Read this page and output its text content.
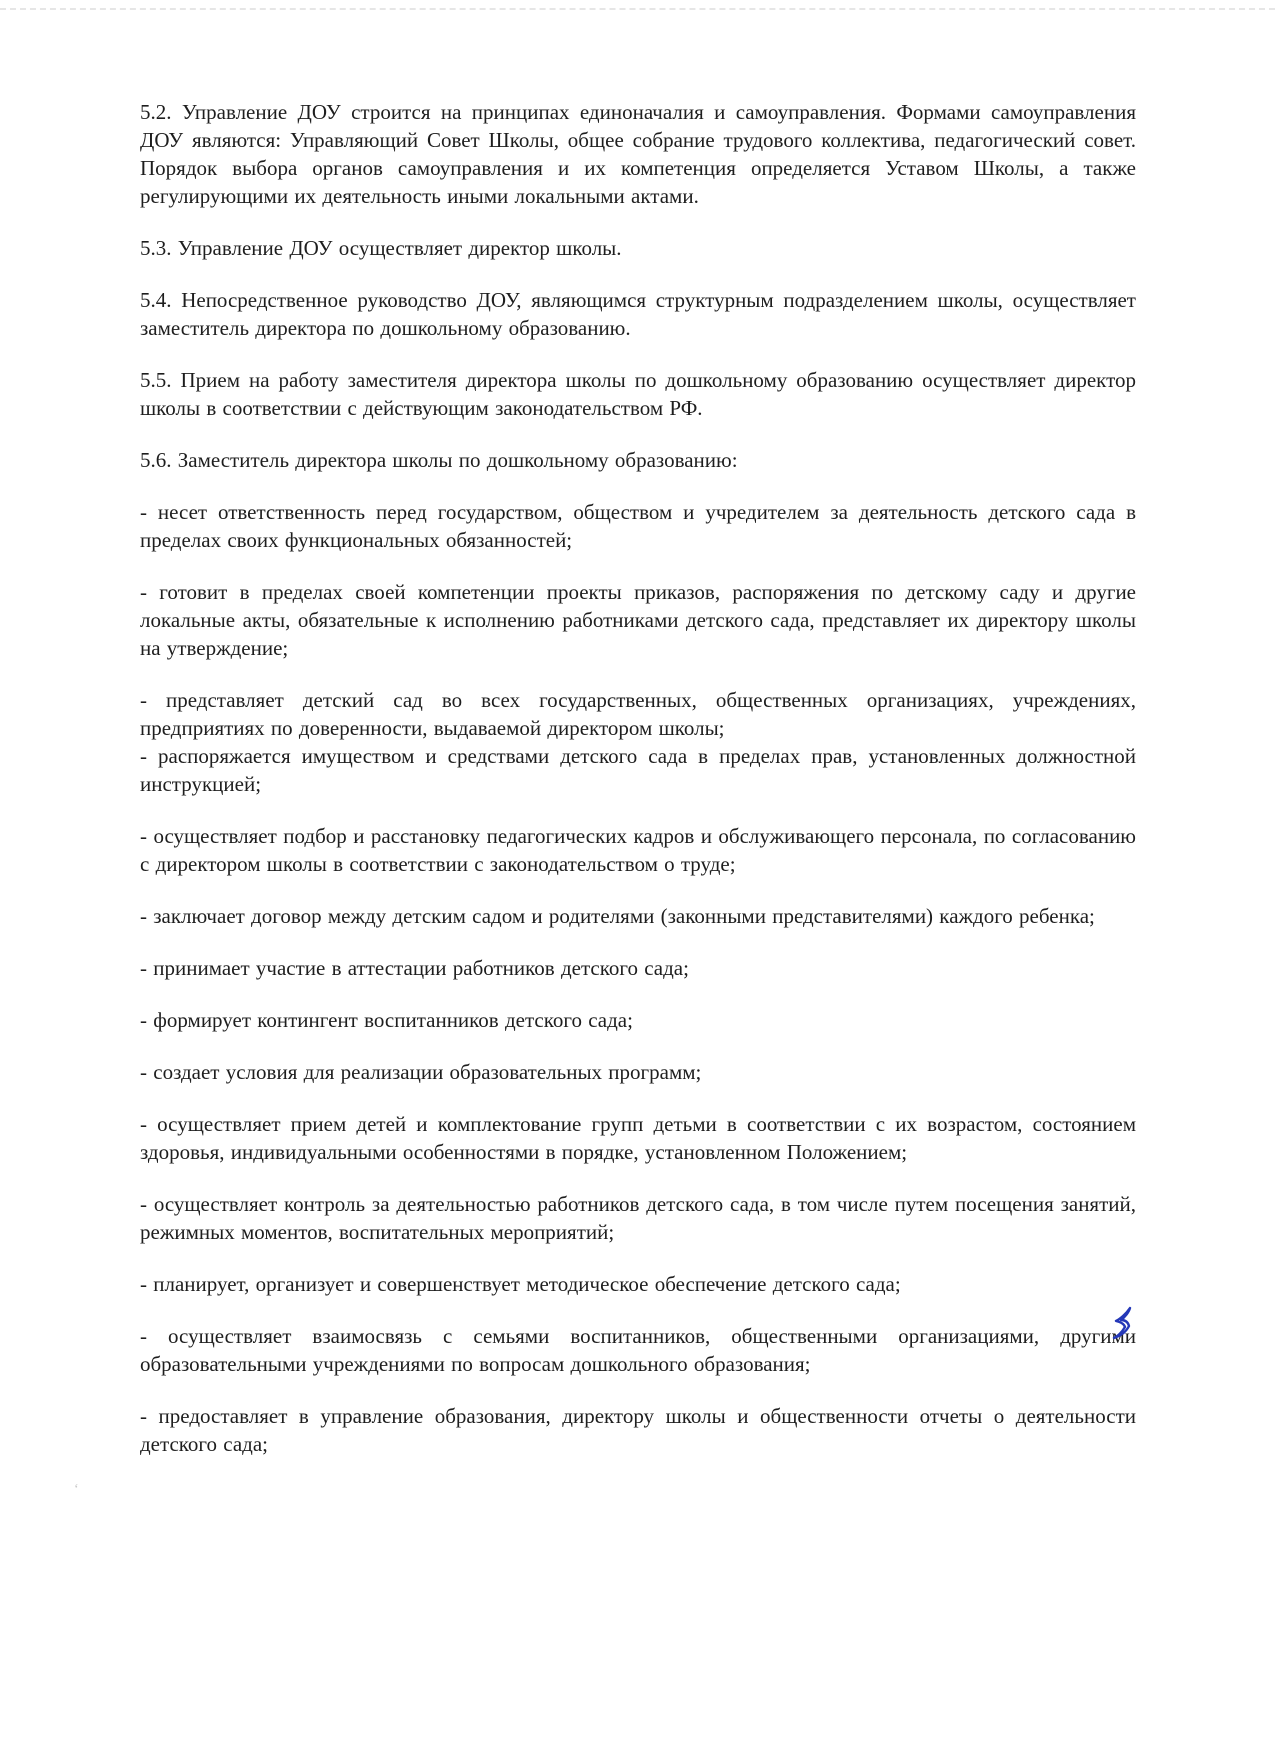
5.2. Управление ДОУ строится на принципах единоначалия и самоуправления. Формами самоуправления ДОУ являются: Управляющий Совет Школы, общее собрание трудового коллектива, педагогический совет. Порядок выбора органов самоуправления и их компетенция определяется Уставом Школы, а также регулирующими их деятельность иными локальными актами.

5.3. Управление ДОУ осуществляет директор школы.

5.4. Непосредственное руководство ДОУ, являющимся структурным подразделением школы, осуществляет заместитель директора по дошкольному образованию.

5.5. Прием на работу заместителя директора школы по дошкольному образованию осуществляет директор школы в соответствии с действующим законодательством РФ.

5.6. Заместитель директора школы по дошкольному образованию:

- несет ответственность перед государством, обществом и учредителем за деятельность детского сада в пределах своих функциональных обязанностей;

- готовит в пределах своей компетенции проекты приказов, распоряжения по детскому саду и другие локальные акты, обязательные к исполнению работниками детского сада, представляет их директору школы на утверждение;

- представляет детский сад во всех государственных, общественных организациях, учреждениях, предприятиях по доверенности, выдаваемой директором школы;

- распоряжается имуществом и средствами детского сада в пределах прав, установленных должностной инструкцией;

- осуществляет подбор и расстановку педагогических кадров и обслуживающего персонала, по согласованию с директором школы в соответствии с законодательством о труде;

- заключает договор между детским садом и родителями (законными представителями) каждого ребенка;

- принимает участие в аттестации работников детского сада;

- формирует контингент воспитанников детского сада;

- создает условия для реализации образовательных программ;

- осуществляет прием детей и комплектование групп детьми в соответствии с их возрастом, состоянием здоровья, индивидуальными особенностями в порядке, установленном Положением;

- осуществляет контроль за деятельностью работников детского сада, в том числе путем посещения занятий, режимных моментов, воспитательных мероприятий;

- планирует, организует и совершенствует методическое обеспечение детского сада;

- осуществляет взаимосвязь с семьями воспитанников, общественными организациями, другими образовательными учреждениями по вопросам дошкольного образования;

- предоставляет в управление образования, директору школы и общественности отчеты о деятельности детского сада;

ʻ
